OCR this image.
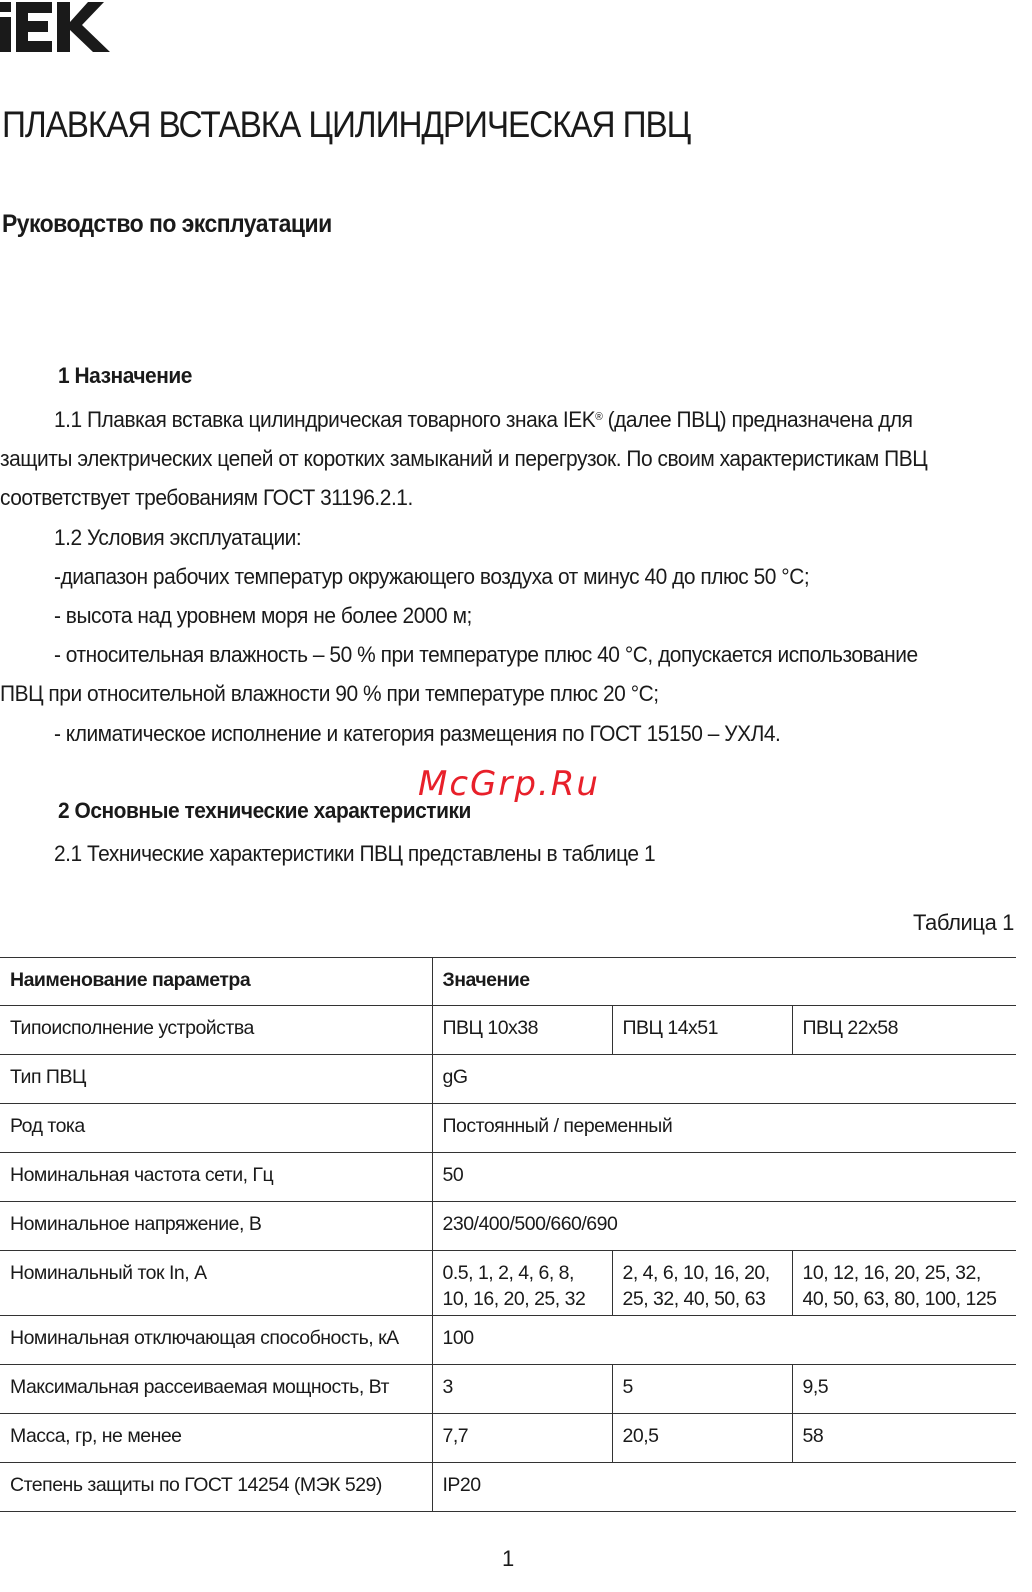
ПЛАВКАЯ ВСТАВКА ЦИЛИНДРИЧЕСКАЯ ПВЦ
Руководство по эксплуатации
1 Назначение

1.1 Плавкая вставка цилиндрическая товарного знака IEK® (далее ПВЦ) предназначена для защиты электрических цепей от коротких замыканий и перегрузок. По своим характеристикам ПВЦ соответствует требованиям ГОСТ 31196.2.1.

1.2 Условия эксплуатации:

-диапазон рабочих температур окружающего воздуха от минус 40 до плюс 50 °С;

- высота над уровнем моря не более 2000 м;

- относительная влажность – 50 % при температуре плюс 40 °С, допускается использование ПВЦ при относительной влажности 90 % при температуре плюс 20 °С;

- климатическое исполнение и категория размещения по ГОСТ 15150 – УХЛ4.

McGrp.Ru
2 Основные технические характеристики

2.1 Технические характеристики ПВЦ представлены в таблице 1

Таблица 1
Наименование параметра	Значение		
Типоисполнение устройства	ПВЦ 10x38	ПВЦ 14x51	ПВЦ 22x58
Тип ПВЦ	gG		
Род тока	Постоянный / переменный		
Номинальная частота сети, Гц	50		
Номинальное напряжение, В	230/400/500/660/690		
Номинальный ток In, А	0.5, 1, 2, 4, 6, 8, 10, 16, 20, 25, 32	2, 4, 6, 10, 16, 20, 25, 32, 40, 50, 63	10, 12, 16, 20, 25, 32, 40, 50, 63, 80, 100, 125
Номинальная отключающая способность, кА	100		
Максимальная рассеиваемая мощность, Вт	3	5	9,5
Масса, гр, не менее	7,7	20,5	58
Степень защиты по ГОСТ 14254 (МЭК 529)	IP20		
1
